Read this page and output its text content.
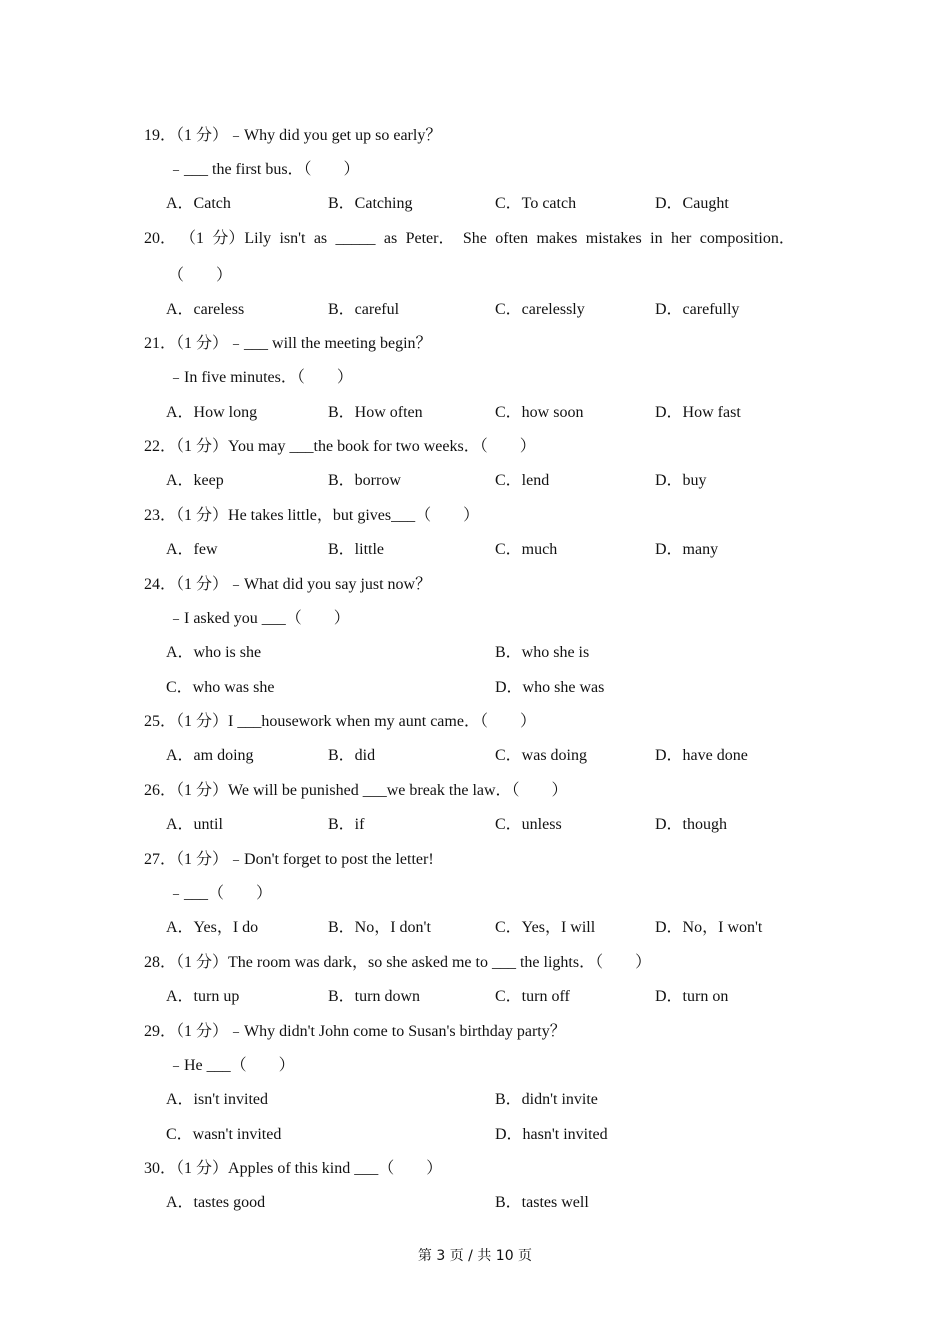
19．（1 分）﹣Why did you get up so early？
﹣___ the first bus．（　　）
A．Catch	B．Catching	C．To catch	D．Caught
20． （1 分）Lily isn't as _____ as Peter． She often makes mistakes in her composition．
（　　）
A．careless	B．careful	C．carelessly	D．carefully
21．（1 分）﹣___ will the meeting begin？
﹣In five minutes．（　　）
A．How long	B．How often	C．how soon	D．How fast
22．（1 分）You may ___the book for two weeks．（　　）
A．keep	B．borrow	C．lend	D．buy
23．（1 分）He takes little，but gives___（　　）
A．few	B．little	C．much	D．many
24．（1 分）﹣What did you say just now？
﹣I asked you ___（　　）
A．who is she	B．who she is
C．who was she	D．who she was
25．（1 分）I ___housework when my aunt came．（　　）
A．am doing	B．did	C．was doing	D．have done
26．（1 分）We will be punished ___we break the law．（　　）
A．until	B．if	C．unless	D．though
27．（1 分）﹣Don't forget to post the letter!
﹣___（　　）
A．Yes，I do	B．No，I don't	C．Yes，I will	D．No，I won't
28．（1 分）The room was dark，so she asked me to ___ the lights．（　　）
A．turn up	B．turn down	C．turn off	D．turn on
29．（1 分）﹣Why didn't John come to Susan's birthday party？
﹣He ___（　　）
A．isn't invited	B．didn't invite
C．wasn't invited	D．hasn't invited
30．（1 分）Apples of this kind ___（　　）
A．tastes good	B．tastes well
第 3 页 / 共 10 页
